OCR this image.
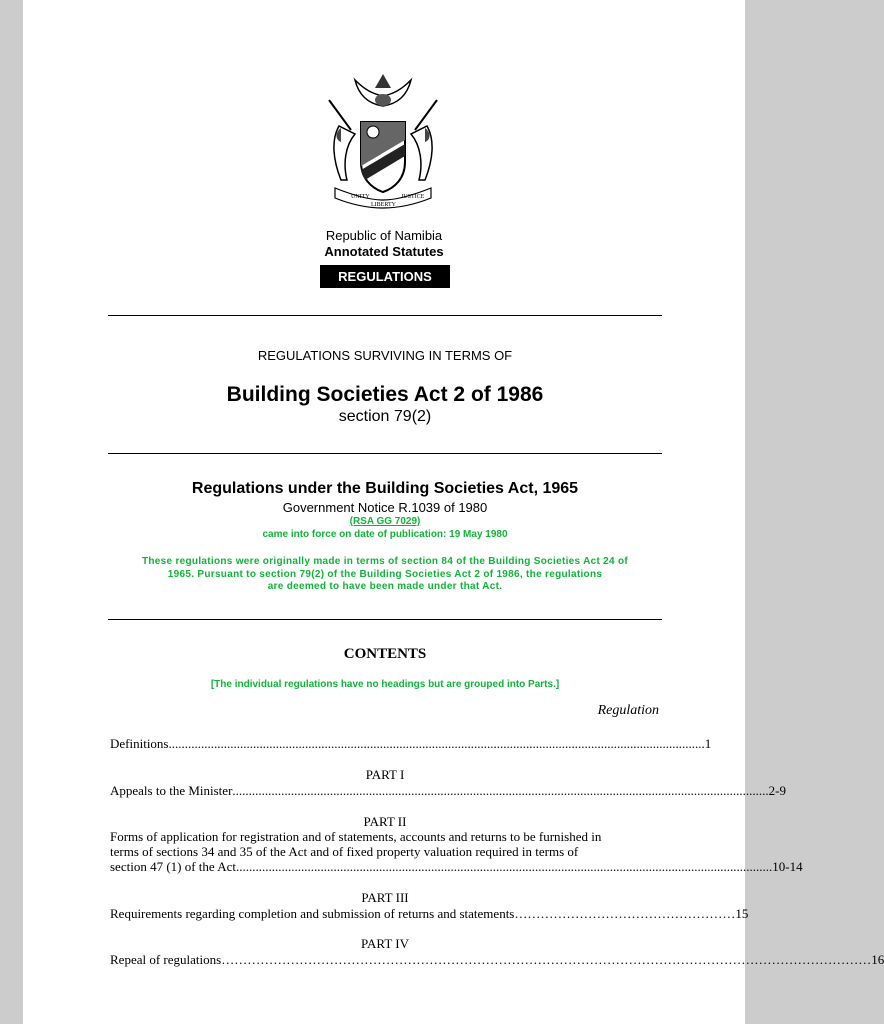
UNITY
LIBERTY
JUSTICE
Republic of Namibia
Annotated Statutes
REGULATIONS
REGULATIONS SURVIVING IN TERMS OF
Building Societies Act 2 of 1986
section 79(2)
Regulations under the Building Societies Act, 1965
Government Notice R.1039 of 1980
(RSA GG 7029)
came into force on date of publication: 19 May 1980
These regulations were originally made in terms of section 84 of the Building Societies Act 24 of
1965. Pursuant to section 79(2) of the Building Societies Act 2 of 1986, the regulations
are deemed to have been made under that Act.
CONTENTS
[The individual regulations have no headings but are grouped into Parts.]
Regulation
Definitions ..................................................................................................................................................................... 1
PART I
Appeals to the Minister ..................................................................................................................................................................... 2-9
PART II
Forms of application for registration and of statements, accounts and returns to be furnished in
terms of sections 34 and 35 of the Act and of fixed property valuation required in terms of
section 47 (1) of the Act ..................................................................................................................................................................... 10-14
PART III
Requirements regarding completion and submission of returns and statements …………………………………………… 15
PART IV
Repeal of regulations …………………………………………………………………………………………………………………………………… 16
